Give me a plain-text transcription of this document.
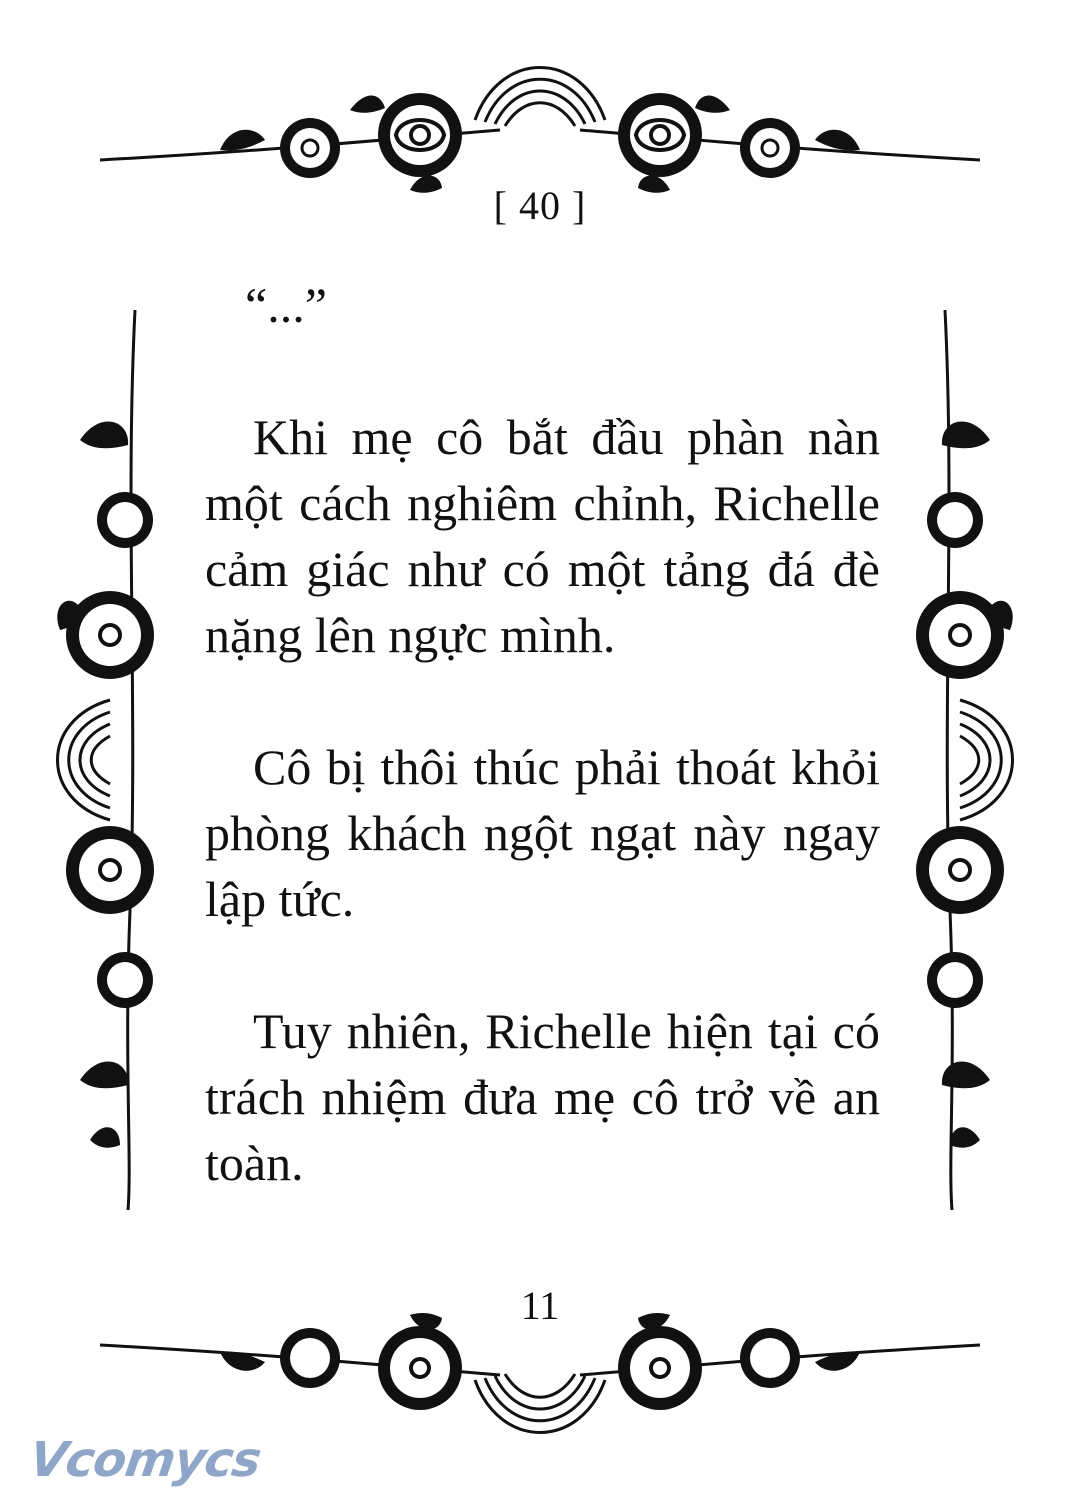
[ 40 ]

“...”

Khi mẹ cô bắt đầu phàn nàn một cách nghiêm chỉnh, Richelle cảm giác như có một tảng đá đè nặng lên ngực mình.

Cô bị thôi thúc phải thoát khỏi phòng khách ngột ngạt này ngay lập tức.

Tuy nhiên, Richelle hiện tại có trách nhiệm đưa mẹ cô trở về an toàn.

11
Vcomycs
